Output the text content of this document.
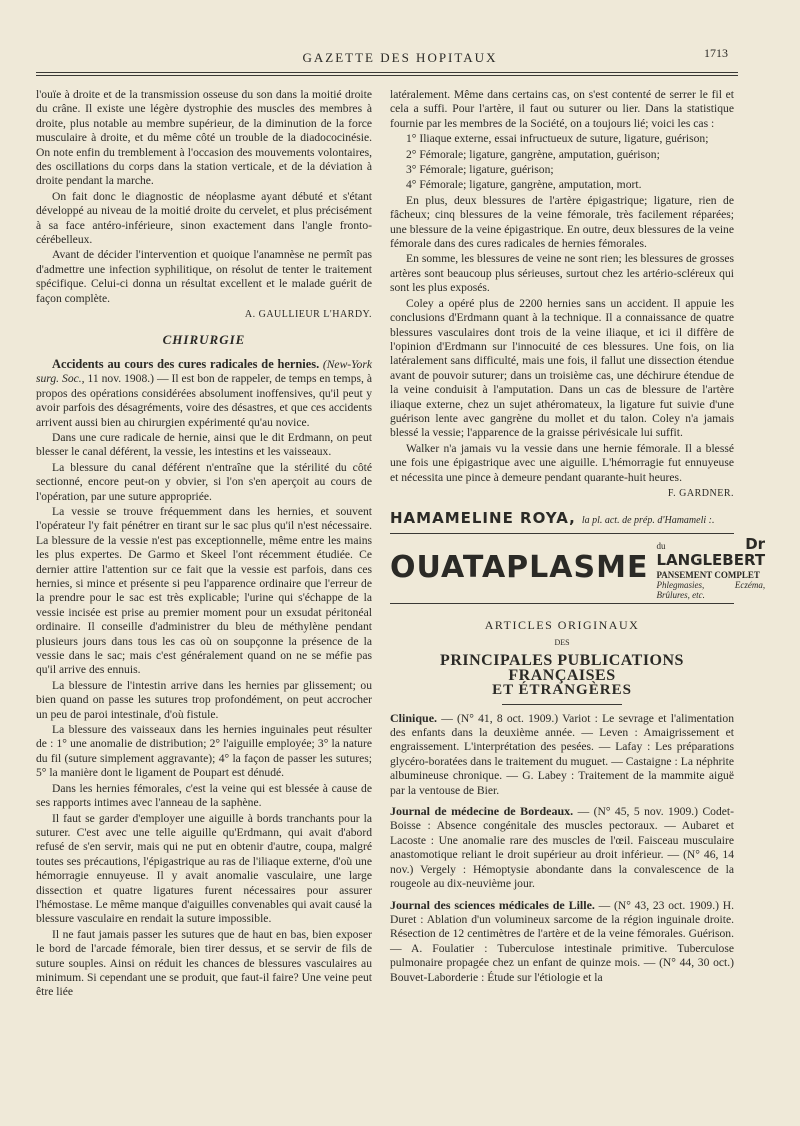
GAZETTE DES HOPITAUX	1713

l'ouïe à droite et de la transmission osseuse du son dans la moitié droite du crâne. Il existe une légère dystrophie des muscles des membres à droite, plus notable au membre supérieur, de la diminution de la force musculaire à droite, et du même côté un trouble de la diadococinésie. On note enfin du tremblement à l'occasion des mouvements volontaires, des oscillations du corps dans la station verticale, et de la déviation à droite pendant la marche.

On fait donc le diagnostic de néoplasme ayant débuté et s'étant développé au niveau de la moitié droite du cervelet, et plus précisément à sa face antéro-inférieure, sinon exactement dans l'angle fronto-cérébelleux.

Avant de décider l'intervention et quoique l'anamnèse ne permît pas d'admettre une infection syphilitique, on résolut de tenter le traitement spécifique. Celui-ci donna un résultat excellent et le malade guérit de façon complète.

A. GAULLIEUR L'HARDY.

CHIRURGIE

Accidents au cours des cures radicales de hernies. (New-York surg. Soc., 11 nov. 1908.) — Il est bon de rappeler, de temps en temps, à propos des opérations considérées absolument inoffensives, qu'il peut y avoir parfois des désagréments, voire des désastres, et que ces accidents arrivent aussi bien au chirurgien expérimenté qu'au novice.

Dans une cure radicale de hernie, ainsi que le dit Erdmann, on peut blesser le canal déférent, la vessie, les intestins et les vaisseaux.

La blessure du canal déférent n'entraîne que la stérilité du côté sectionné, encore peut-on y obvier, si l'on s'en aperçoit au cours de l'opération, par une suture appropriée.

La vessie se trouve fréquemment dans les hernies, et souvent l'opérateur l'y fait pénétrer en tirant sur le sac plus qu'il n'est nécessaire. La blessure de la vessie n'est pas exceptionnelle, même entre les mains les plus expertes. De Garmo et Skeel l'ont récemment étudiée. Ce dernier attire l'attention sur ce fait que la vessie est parfois, dans ces hernies, si mince et présente si peu l'apparence ordinaire que l'erreur de la prendre pour le sac est très explicable; l'urine qui s'échappe de la vessie incisée est prise au premier moment pour un exsudat péritonéal ordinaire. Il conseille d'administrer du bleu de méthylène pendant plusieurs jours dans tous les cas où on soupçonne la présence de la vessie dans le sac; mais c'est généralement quand on ne se méfie pas qu'il arrive des ennuis.

La blessure de l'intestin arrive dans les hernies par glissement; ou bien quand on passe les sutures trop profondément, on peut accrocher un peu de paroi intestinale, d'où fistule.

La blessure des vaisseaux dans les hernies inguinales peut résulter de : 1° une anomalie de distribution; 2° l'aiguille employée; 3° la nature du fil (suture simplement aggravante); 4° la façon de passer les sutures; 5° la manière dont le ligament de Poupart est dénudé.

Dans les hernies fémorales, c'est la veine qui est blessée à cause de ses rapports intimes avec l'anneau de la saphène.

Il faut se garder d'employer une aiguille à bords tranchants pour la suturer. C'est avec une telle aiguille qu'Erdmann, qui avait d'abord refusé de s'en servir, mais qui ne put en obtenir d'autre, coupa, malgré toutes ses précautions, l'épigastrique au ras de l'iliaque externe, d'où une hémorragie ennuyeuse. Il y avait anomalie vasculaire, une large dissection et quatre ligatures furent nécessaires pour assurer l'hémostase. Le même manque d'aiguilles convenables qui avait causé la blessure vasculaire en rendait la suture impossible.

Il ne faut jamais passer les sutures que de haut en bas, bien exposer le bord de l'arcade fémorale, bien tirer dessus, et se servir de fils de suture souples. Ainsi on réduit les chances de blessures vasculaires au minimum. Si cependant une se produit, que faut-il faire? Une veine peut être liée

latéralement. Même dans certains cas, on s'est contenté de serrer le fil et cela a suffi. Pour l'artère, il faut ou suturer ou lier. Dans la statistique fournie par les membres de la Société, on a toujours lié; voici les cas :

1° Iliaque externe, essai infructueux de suture, ligature, guérison;

2° Fémorale; ligature, gangrène, amputation, guérison;

3° Fémorale; ligature, guérison;

4° Fémorale; ligature, gangrène, amputation, mort.

En plus, deux blessures de l'artère épigastrique; ligature, rien de fâcheux; cinq blessures de la veine fémorale, très facilement réparées; une blessure de la veine épigastrique. En outre, deux blessures de la veine fémorale dans des cures radicales de hernies fémorales.

En somme, les blessures de veine ne sont rien; les blessures de grosses artères sont beaucoup plus sérieuses, surtout chez les artério-scléreux qui sont les plus exposés.

Coley a opéré plus de 2200 hernies sans un accident. Il appuie les conclusions d'Erdmann quant à la technique. Il a connaissance de quatre blessures vasculaires dont trois de la veine iliaque, et ici il diffère de l'opinion d'Erdmann sur l'innocuité de ces blessures. Une fois, on lia latéralement sans difficulté, mais une fois, il fallut une dissection étendue avant de pouvoir suturer; dans un troisième cas, une déchirure étendue de la veine conduisit à l'amputation. Dans un cas de blessure de l'artère iliaque externe, chez un sujet athéromateux, la ligature fut suivie d'une guérison lente avec gangrène du mollet et du talon. Coley n'a jamais blessé la vessie; l'apparence de la graisse périvésicale lui suffit.

Walker n'a jamais vu la vessie dans une hernie fémorale. Il a blessé une fois une épigastrique avec une aiguille. L'hémorragie fut ennuyeuse et nécessita une pince à demeure pendant quarante-huit heures.

F. GARDNER.

HAMAMELINE ROYA, la pl. act. de prép. d'Hamameli :.
OUATAPLASME
du	Dr LANGLEBERT
PANSEMENT COMPLET
Phlegmasies, Eczéma, Brûlures, etc.
ARTICLES ORIGINAUX
DES
PRINCIPALES PUBLICATIONS FRANÇAISES
ET ÉTRANGÈRES

Clinique. — (N° 41, 8 oct. 1909.) Variot : Le sevrage et l'alimentation des enfants dans la deuxième année. — Leven : Amaigrissement et engraissement. L'interprétation des pesées. — Lafay : Les préparations glycéro-boratées dans le traitement du muguet. — Castaigne : La néphrite albumineuse chronique. — G. Labey : Traitement de la mammite aiguë par la ventouse de Bier.

Journal de médecine de Bordeaux. — (N° 45, 5 nov. 1909.) Codet-Boisse : Absence congénitale des muscles pectoraux. — Aubaret et Lacoste : Une anomalie rare des muscles de l'œil. Faisceau musculaire anastomotique reliant le droit supérieur au droit inférieur. — (N° 46, 14 nov.) Vergely : Hémoptysie abondante dans la convalescence de la rougeole au dix-neuvième jour.

Journal des sciences médicales de Lille. — (N° 43, 23 oct. 1909.) H. Duret : Ablation d'un volumineux sarcome de la région inguinale droite. Résection de 12 centimètres de l'artère et de la veine fémorales. Guérison. — A. Foulatier : Tuberculose intestinale primitive. Tuberculose pulmonaire propagée chez un enfant de quinze mois. — (N° 44, 30 oct.) Bouvet-Laborderie : Étude sur l'étiologie et la
